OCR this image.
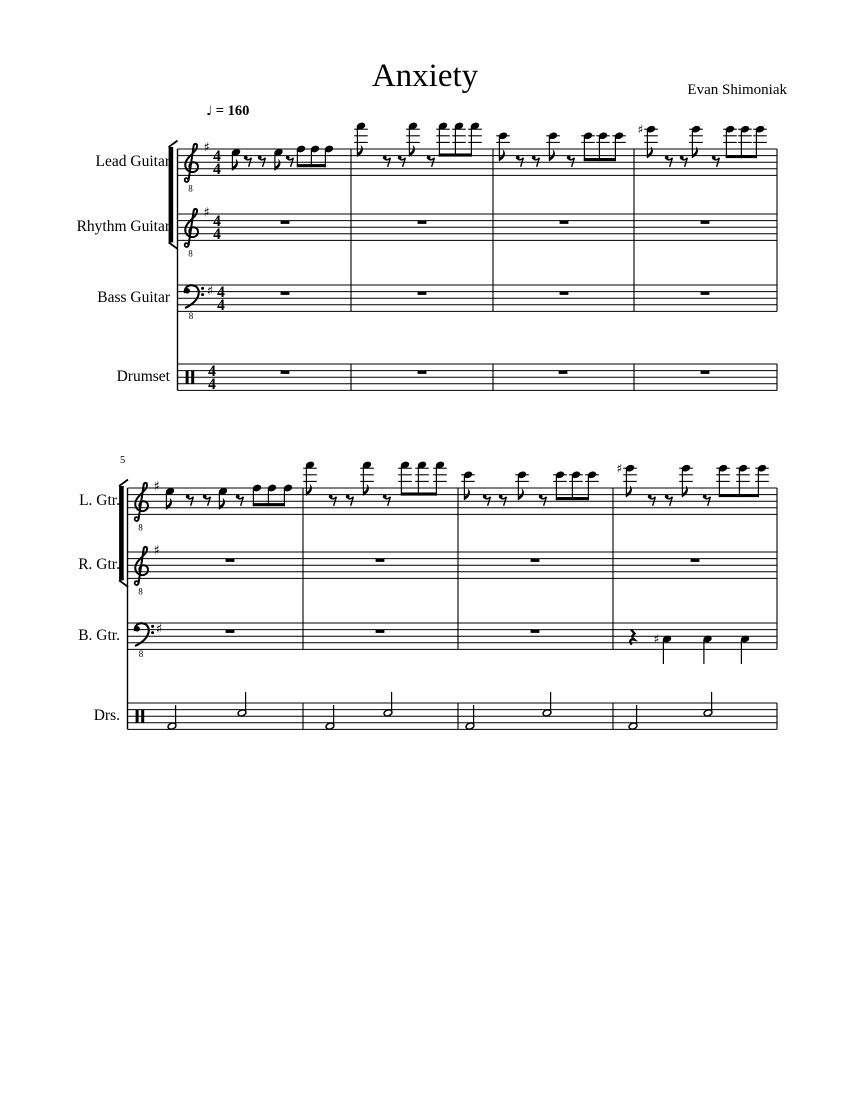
Anxiety	Evan Shimoniak
♩ = 160
♯ 4
4
♯ 4
4
♯ 4
4
4
4
8
♯
8
8
♯
♯
♯
8
♯
8
8
♯
Lead Guitar
Rhythm Guitar
Bass Guitar
Drumset
L. Gtr.
R. Gtr.
B. Gtr.
Drs.
5
